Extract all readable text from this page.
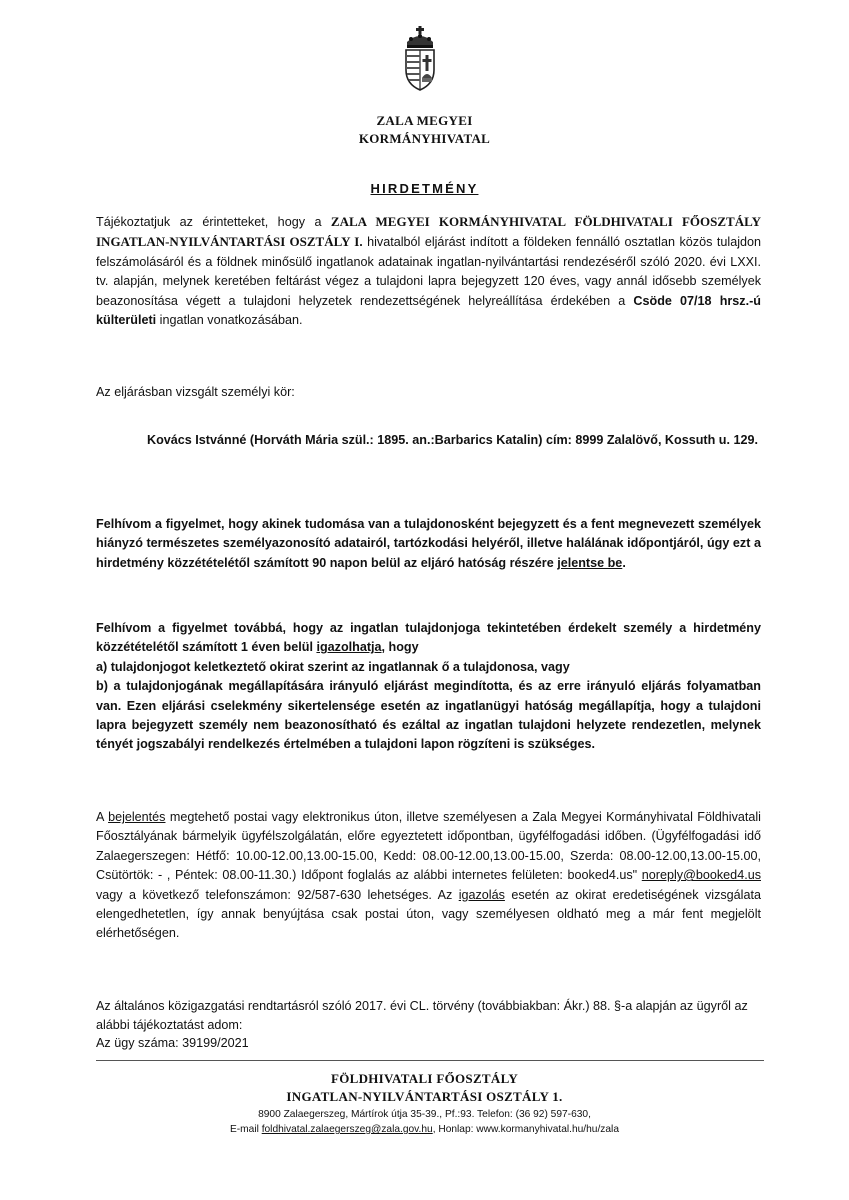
ZALA MEGYEI
KORMÁNYHIVATAL
HIRDETMÉNY

Tájékoztatjuk az érintetteket, hogy a ZALA MEGYEI KORMÁNYHIVATAL FÖLDHIVATALI FŐOSZTÁLY INGATLAN-NYILVÁNTARTÁSI OSZTÁLY I. hivatalból eljárást indított a földeken fennálló osztatlan közös tulajdon felszámolásáról és a földnek minősülő ingatlanok adatainak ingatlan-nyilvántartási rendezéséről szóló 2020. évi LXXI. tv. alapján, melynek keretében feltárást végez a tulajdoni lapra bejegyzett 120 éves, vagy annál idősebb személyek beazonosítása végett a tulajdoni helyzetek rendezettségének helyreállítása érdekében a Csöde 07/18 hrsz.-ú külterületi ingatlan vonatkozásában.

Az eljárásban vizsgált személyi kör:

Kovács Istvánné (Horváth Mária szül.: 1895. an.:Barbarics Katalin) cím: 8999 Zalalövő, Kossuth u. 129.

Felhívom a figyelmet, hogy akinek tudomása van a tulajdonosként bejegyzett és a fent megnevezett személyek hiányzó természetes személyazonosító adatairól, tartózkodási helyéről, illetve halálának időpontjáról, úgy ezt a hirdetmény közzétételétől számított 90 napon belül az eljáró hatóság részére jelentse be.

Felhívom a figyelmet továbbá, hogy az ingatlan tulajdonjoga tekintetében érdekelt személy a hirdetmény közzétételétől számított 1 éven belül igazolhatja, hogy
a) tulajdonjogot keletkeztető okirat szerint az ingatlannak ő a tulajdonosa, vagy
b) a tulajdonjogának megállapítására irányuló eljárást megindította, és az erre irányuló eljárás folyamatban van. Ezen eljárási cselekmény sikertelensége esetén az ingatlanügyi hatóság megállapítja, hogy a tulajdoni lapra bejegyzett személy nem beazonosítható és ezáltal az ingatlan tulajdoni helyzete rendezetlen, melynek tényét jogszabályi rendelkezés értelmében a tulajdoni lapon rögzíteni is szükséges.

A bejelentés megtehető postai vagy elektronikus úton, illetve személyesen a Zala Megyei Kormányhivatal Földhivatali Főosztályának bármelyik ügyfélszolgálatán, előre egyeztetett időpontban, ügyfélfogadási időben. (Ügyfélfogadási idő Zalaegerszegen: Hétfő: 10.00-12.00,13.00-15.00, Kedd: 08.00-12.00,13.00-15.00, Szerda: 08.00-12.00,13.00-15.00, Csütörtök: - , Péntek: 08.00-11.30.) Időpont foglalás az alábbi internetes felületen: booked4.us" noreply@booked4.us vagy a következő telefonszámon: 92/587-630 lehetséges. Az igazolás esetén az okirat eredetiségének vizsgálata elengedhetetlen, így annak benyújtása csak postai úton, vagy személyesen oldható meg a már fent megjelölt elérhetőségen.

Az általános közigazgatási rendtartásról szóló 2017. évi CL. törvény (továbbiakban: Ákr.) 88. §-a alapján az ügyről az alábbi tájékoztatást adom:

Az ügy száma: 39199/2021

FÖLDHIVATALI FŐOSZTÁLY
INGATLAN-NYILVÁNTARTÁSI OSZTÁLY 1.
8900 Zalaegerszeg, Mártírok útja 35-39., Pf.:93. Telefon: (36 92) 597-630,
E-mail foldhivatal.zalaegerszeg@zala.gov.hu, Honlap: www.kormanyhivatal.hu/hu/zala
